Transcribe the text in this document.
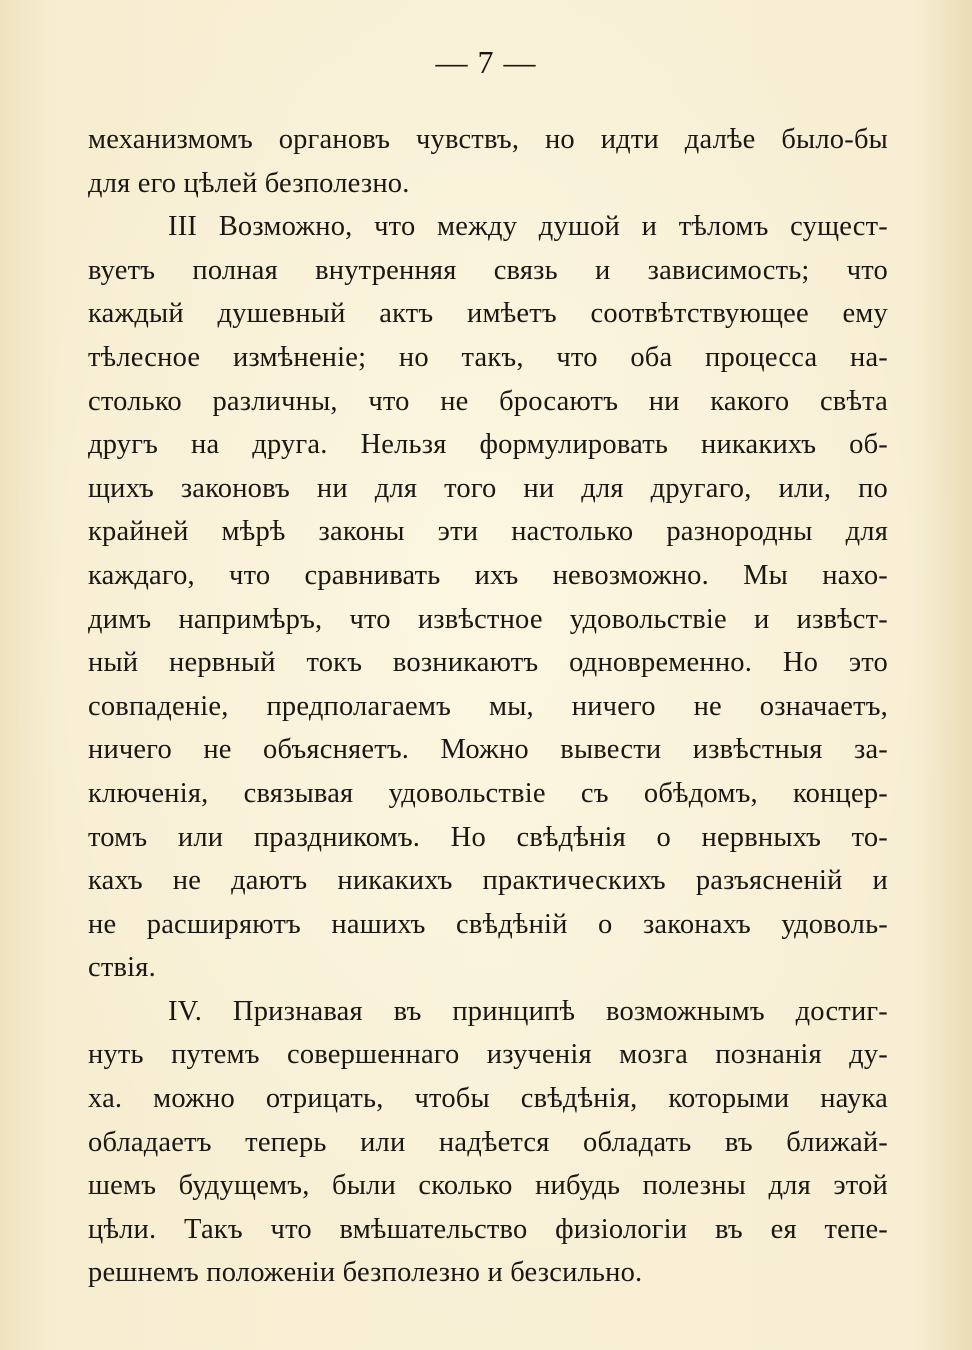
— 7 —
механизмомъ органовъ чувствъ, но идти далѣе было-бы
для его цѣлей безполезно.
III Возможно, что между душой и тѣломъ сущест-
вуетъ полная внутренняя связь и зависимость; что
каждый душевный актъ имѣетъ соотвѣтствующее ему
тѣлесное измѣненіе; но такъ, что оба процесса на-
столько различны, что не бросаютъ ни какого свѣта
другъ на друга. Нельзя формулировать никакихъ об-
щихъ законовъ ни для того ни для другаго, или, по
крайней мѣрѣ законы эти настолько разнородны для
каждаго, что сравнивать ихъ невозможно. Мы нахо-
димъ напримѣръ, что извѣстное удовольствіе и извѣст-
ный нервный токъ возникаютъ одновременно. Но это
совпаденіе, предполагаемъ мы, ничего не означаетъ,
ничего не объясняетъ. Можно вывести извѣстныя за-
ключенія, связывая удовольствіе съ обѣдомъ, концер-
томъ или праздникомъ. Но свѣдѣнія о нервныхъ то-
кахъ не даютъ никакихъ практическихъ разъясненій и
не расширяютъ нашихъ свѣдѣній о законахъ удоволь-
ствія.
IV. Признавая въ принципѣ возможнымъ достиг-
нуть путемъ совершеннаго изученія мозга познанія ду-
ха. можно отрицать, чтобы свѣдѣнія, которыми наука
обладаетъ теперь или надѣется обладать въ ближай-
шемъ будущемъ, были сколько нибудь полезны для этой
цѣли. Такъ что вмѣшательство физіологіи въ ея тепе-
решнемъ положеніи безполезно и безсильно.
